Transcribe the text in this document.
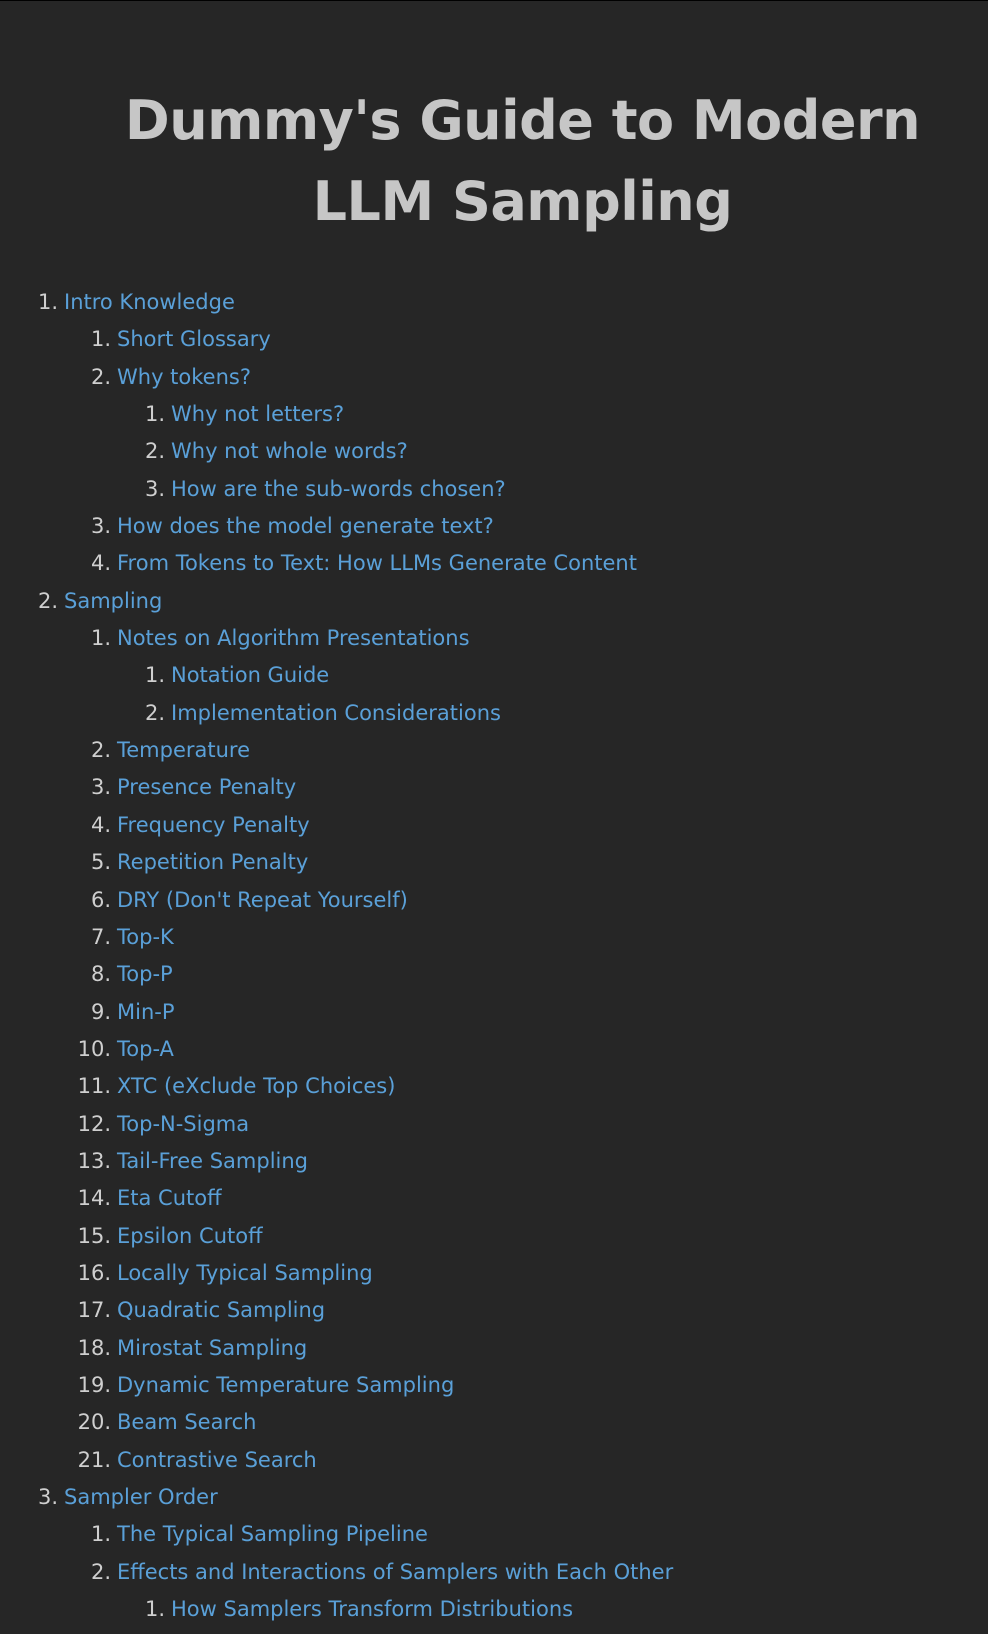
Dummy's Guide to Modern LLM Sampling
1. Intro Knowledge
1. Short Glossary
2. Why tokens?
1. Why not letters?
2. Why not whole words?
3. How are the sub-words chosen?
3. How does the model generate text?
4. From Tokens to Text: How LLMs Generate Content
2. Sampling
1. Notes on Algorithm Presentations
1. Notation Guide
2. Implementation Considerations
2. Temperature
3. Presence Penalty
4. Frequency Penalty
5. Repetition Penalty
6. DRY (Don't Repeat Yourself)
7. Top-K
8. Top-P
9. Min-P
10. Top-A
11. XTC (eXclude Top Choices)
12. Top-N-Sigma
13. Tail-Free Sampling
14. Eta Cutoff
15. Epsilon Cutoff
16. Locally Typical Sampling
17. Quadratic Sampling
18. Mirostat Sampling
19. Dynamic Temperature Sampling
20. Beam Search
21. Contrastive Search
3. Sampler Order
1. The Typical Sampling Pipeline
2. Effects and Interactions of Samplers with Each Other
1. How Samplers Transform Distributions
